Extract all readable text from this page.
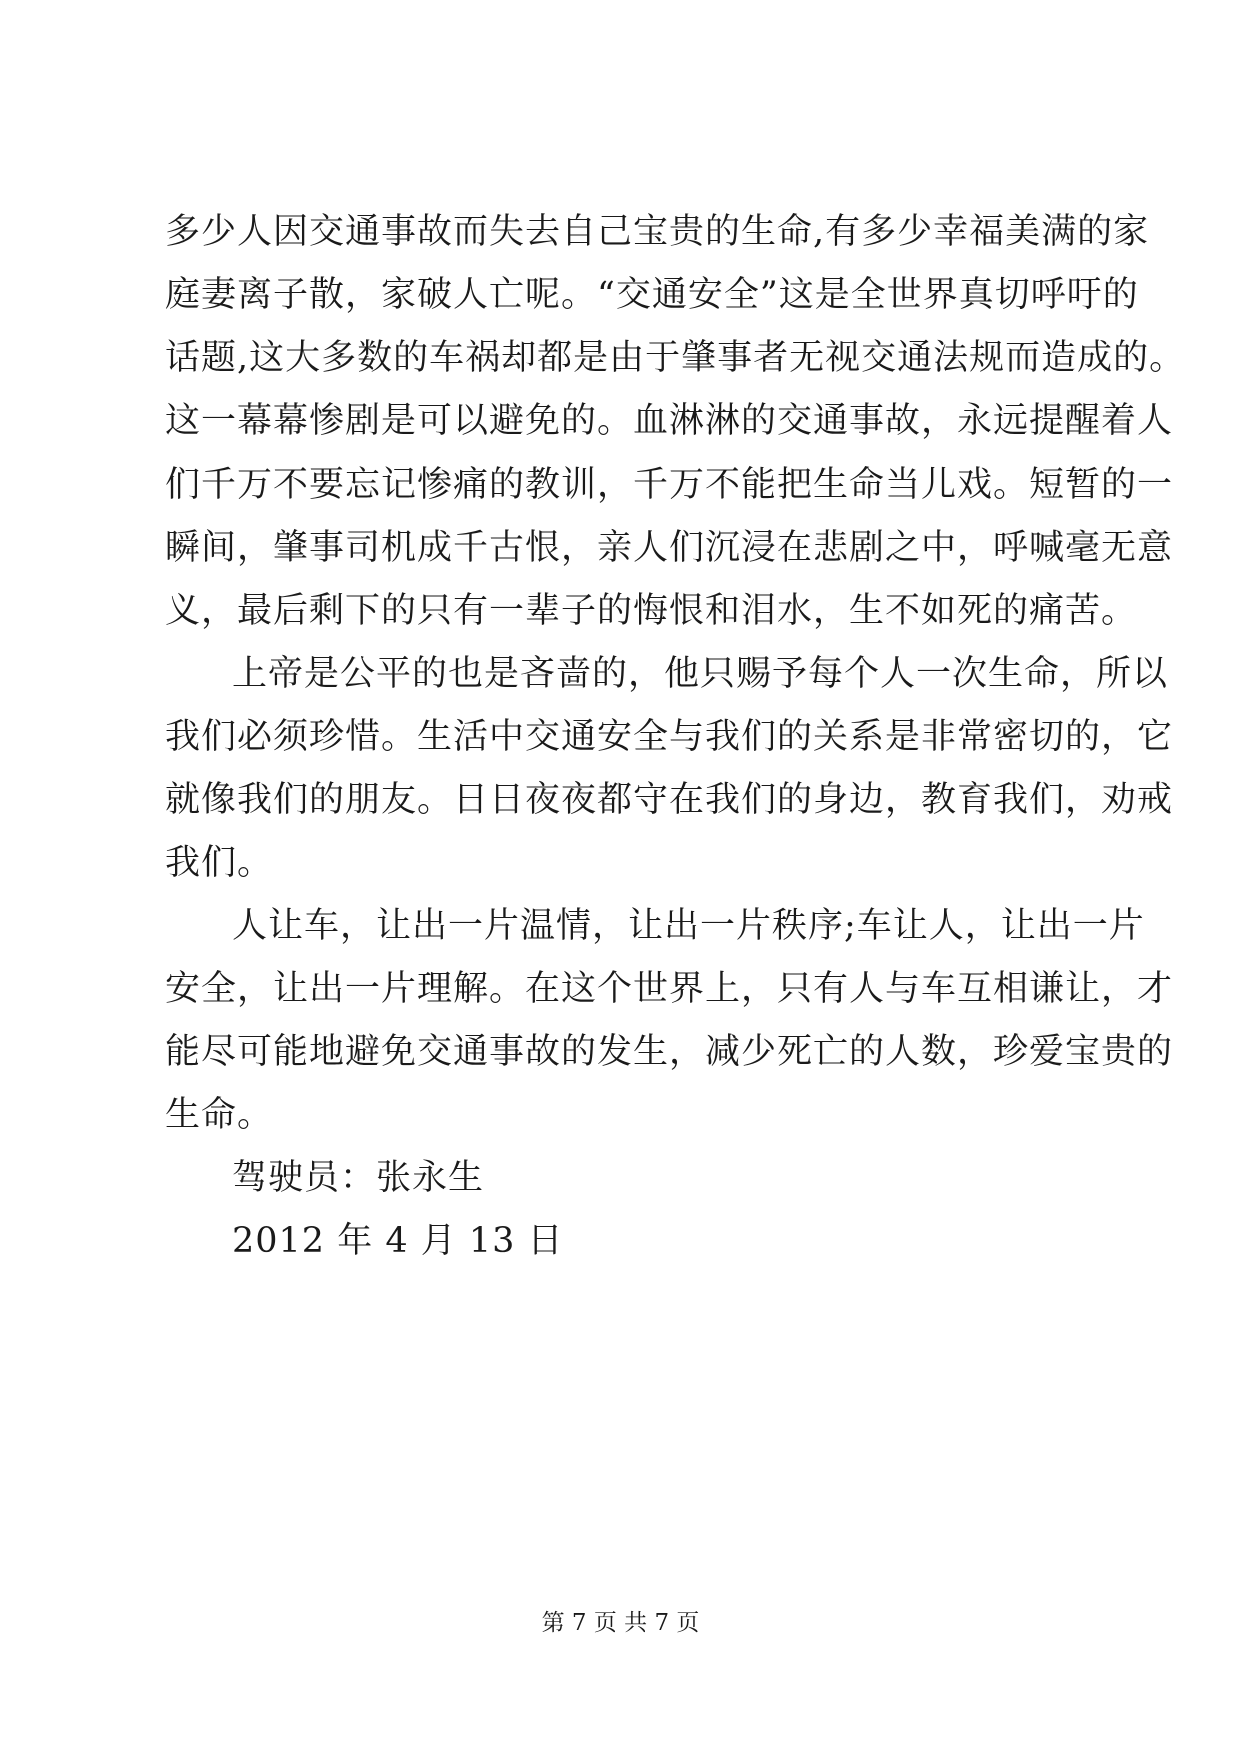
多少人因交通事故而失去自己宝贵的生命,有多少幸福美满的家
庭妻离子散，家破人亡呢。“交通安全”这是全世界真切呼吁的
话题,这大多数的车祸却都是由于肇事者无视交通法规而造成的。
这一幕幕惨剧是可以避免的。血淋淋的交通事故，永远提醒着人
们千万不要忘记惨痛的教训，千万不能把生命当儿戏。短暂的一
瞬间，肇事司机成千古恨，亲人们沉浸在悲剧之中，呼喊毫无意
义，最后剩下的只有一辈子的悔恨和泪水，生不如死的痛苦。
上帝是公平的也是吝啬的，他只赐予每个人一次生命，所以
我们必须珍惜。生活中交通安全与我们的关系是非常密切的，它
就像我们的朋友。日日夜夜都守在我们的身边，教育我们，劝戒
我们。
人让车，让出一片温情，让出一片秩序;车让人，让出一片
安全，让出一片理解。在这个世界上，只有人与车互相谦让，才
能尽可能地避免交通事故的发生，减少死亡的人数，珍爱宝贵的
生命。
驾驶员：张永生
2012 年 4 月 13 日
第 7 页 共 7 页
